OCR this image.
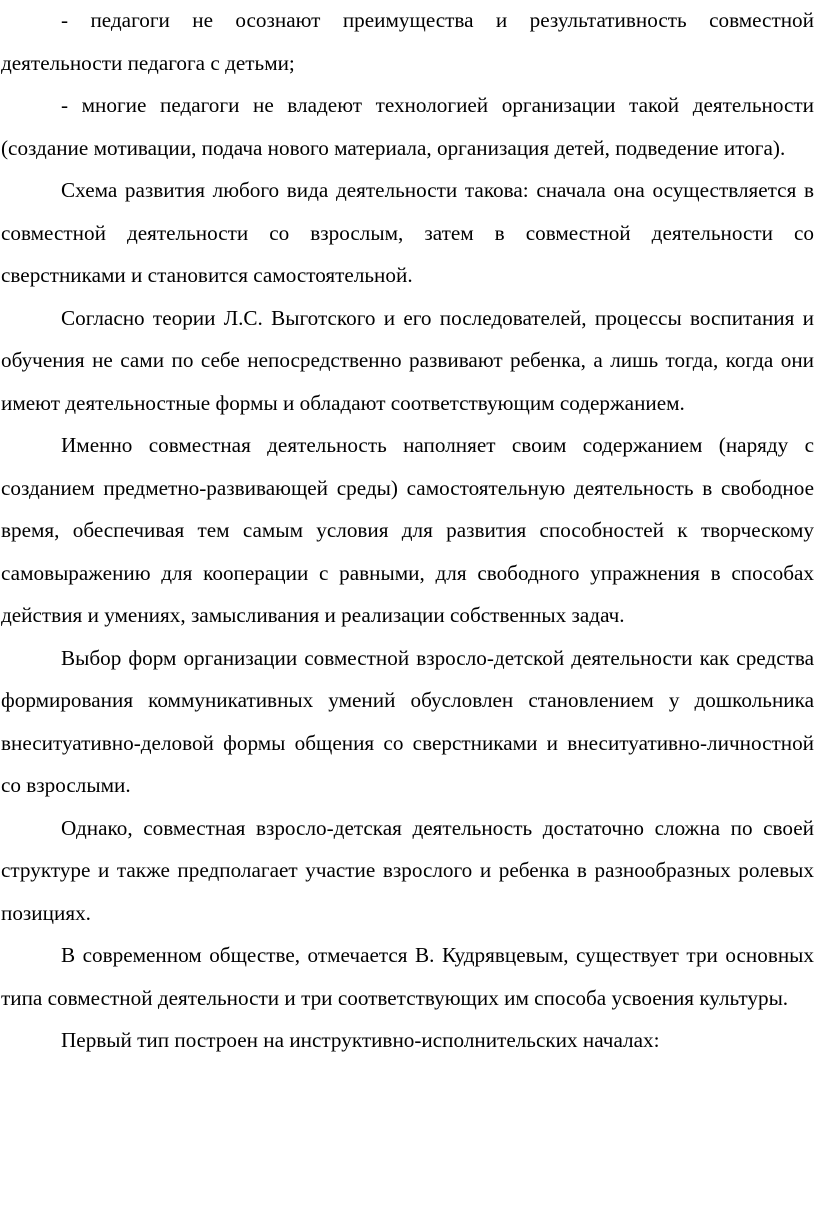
- педагоги не осознают преимущества и результативность совместной деятельности педагога с детьми;

- многие педагоги не владеют технологией организации такой деятельности (создание мотивации, подача нового материала, организация детей, подведение итога).

Схема развития любого вида деятельности такова: сначала она осуществляется в совместной деятельности со взрослым, затем в совместной деятельности со сверстниками и становится самостоятельной.

Согласно теории Л.С. Выготского и его последователей, процессы воспитания и обучения не сами по себе непосредственно развивают ребенка, а лишь тогда, когда они имеют деятельностные формы и обладают соответствующим содержанием.

Именно совместная деятельность наполняет своим содержанием (наряду с созданием предметно-развивающей среды) самостоятельную деятельность в свободное время, обеспечивая тем самым условия для развития способностей к творческому самовыражению для кооперации с равными, для свободного упражнения в способах действия и умениях, замысливания и реализации собственных задач.

Выбор форм организации совместной взросло-детской деятельности как средства формирования коммуникативных умений обусловлен становлением у дошкольника внеситуативно-деловой формы общения со сверстниками и внеситуативно-личностной со взрослыми.

Однако, совместная взросло-детская деятельность достаточно сложна по своей структуре и также предполагает участие взрослого и ребенка в разнообразных ролевых позициях.

В современном обществе, отмечается В. Кудрявцевым, существует три основных типа совместной деятельности и три соответствующих им способа усвоения культуры.

Первый тип построен на инструктивно-исполнительских началах:
